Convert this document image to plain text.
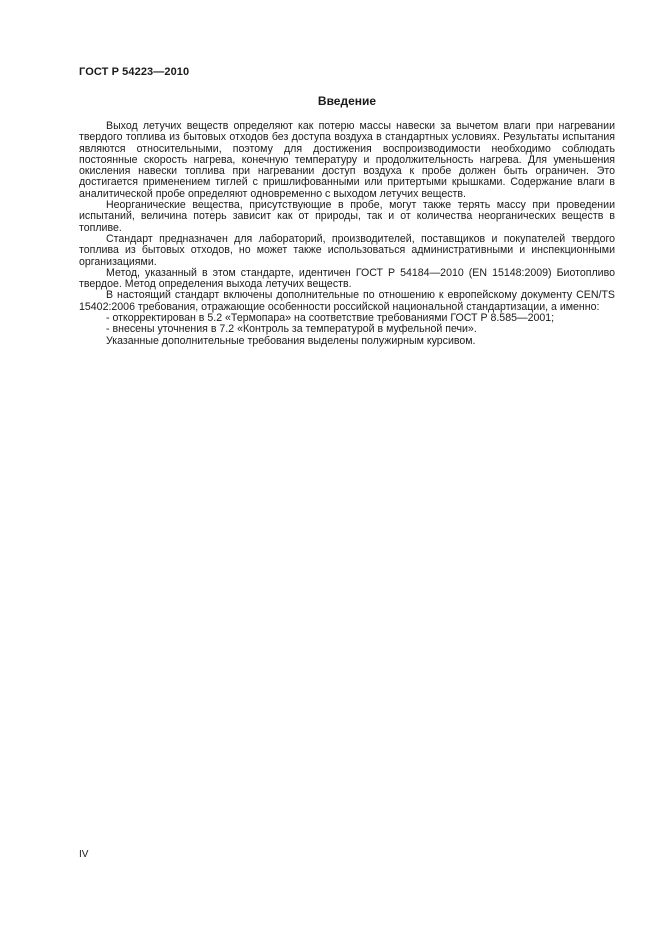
ГОСТ Р 54223—2010
Введение

Выход летучих веществ определяют как потерю массы навески за вычетом влаги при нагревании твердого топлива из бытовых отходов без доступа воздуха в стандартных условиях. Результаты испытания являются относительными, поэтому для достижения воспроизводимости необходимо соблюдать постоянные скорость нагрева, конечную температуру и продолжительность нагрева. Для уменьшения окисления навески топлива при нагревании доступ воздуха к пробе должен быть ограничен. Это достигается применением тиглей с пришлифованными или притертыми крышками. Содержание влаги в аналитической пробе определяют одновременно с выходом летучих веществ.

Неорганические вещества, присутствующие в пробе, могут также терять массу при проведении испытаний, величина потерь зависит как от природы, так и от количества неорганических веществ в топливе.

Стандарт предназначен для лабораторий, производителей, поставщиков и покупателей твердого топлива из бытовых отходов, но может также использоваться административными и инспекционными организациями.

Метод, указанный в этом стандарте, идентичен ГОСТ Р 54184—2010 (EN 15148:2009) Биотопливо твердое. Метод определения выхода летучих веществ.

В настоящий стандарт включены дополнительные по отношению к европейскому документу CEN/TS 15402:2006 требования, отражающие особенности российской национальной стандартизации, а именно:

- откорректирован в 5.2 «Термопара» на соответствие требованиями ГОСТ Р 8.585—2001;

- внесены уточнения в 7.2 «Контроль за температурой в муфельной печи».

Указанные дополнительные требования выделены полужирным курсивом.

IV
